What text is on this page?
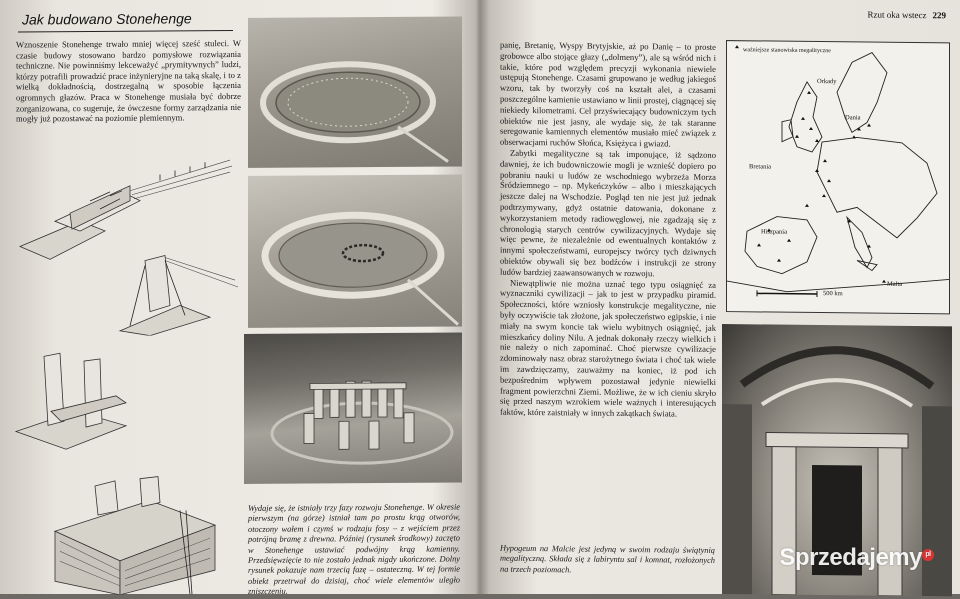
Jak budowano Stonehenge
Wznoszenie Stonehenge trwało mniej więcej sześć stuleci. W czasie budowy stosowano bardzo pomysłowe rozwiązania techniczne. Nie powinniśmy lekceważyć „prymitywnych” ludzi, którzy potrafili prowadzić prace inżynieryjne na taką skalę, i to z wielką dokładnością, dostrzegalną w sposobie łączenia ogromnych głazów. Praca w Stonehenge musiała być dobrze zorganizowana, co sugeruje, że ówczesne formy zarządzania nie mogły już pozostawać na poziomie plemiennym.
Wydaje się, że istniały trzy fazy rozwoju Stonehenge. W okresie pierwszym (na górze) istniał tam po prostu krąg otworów, otoczony wałem i czymś w rodzaju fosy – z wejściem przez potrójną bramę z drewna. Później (rysunek środkowy) zaczęto w Stonehenge ustawiać podwójny krąg kamienny. Przedsięwzięcie to nie zostało jednak nigdy ukończone. Dolny rysunek pokazuje nam trzecią fazę – ostateczną. W tej formie obiekt przetrwał do dzisiaj, choć wiele elementów uległo zniszczeniu.
Rzut oka wstecz 229

panię, Bretanię, Wyspy Brytyjskie, aż po Danię – to proste grobowce albo stojące głazy („dolmeny”), ale są wśród nich i takie, które pod względem precyzji wykonania niewiele ustępują Stonehenge. Czasami grupowano je według jakiegoś wzoru, tak by tworzyły coś na kształt alei, a czasami poszczególne kamienie ustawiano w linii prostej, ciągnącej się niekiedy kilometrami. Cel przyświecający budowniczym tych obiektów nie jest jasny, ale wydaje się, że tak staranne seregowanie kamiennych elementów musiało mieć związek z obserwacjami ruchów Słońca, Księżyca i gwiazd.

Zabytki megalityczne są tak imponujące, iż sądzono dawniej, że ich budowniczowie mogli je wznieść dopiero po pobraniu nauki u ludów ze wschodniego wybrzeża Morza Śródziemnego – np. Mykeńczyków – albo i mieszkających jeszcze dalej na Wschodzie. Pogląd ten nie jest już jednak podtrzymywany, gdyż ostatnie datowania, dokonane z wykorzystaniem metody radiowęglowej, nie zgadzają się z chronologią starych centrów cywilizacyjnych. Wydaje się więc pewne, że niezależnie od ewentualnych kontaktów z innymi społeczeństwami, europejscy twórcy tych dziwnych obiektów obywali się bez bodźców i instrukcji ze strony ludów bardziej zaawansowanych w rozwoju.

Niewątpliwie nie można uznać tego typu osiągnięć za wyznaczniki cywilizacji – jak to jest w przypadku piramid. Społeczności, które wzniosły konstrukcje megalityczne, nie były oczywiście tak złożone, jak społeczeństwo egipskie, i nie miały na swym koncie tak wielu wybitnych osiągnięć, jak mieszkańcy doliny Nilu. A jednak dokonały rzeczy wielkich i nie należy o nich zapominać. Choć pierwsze cywilizacje zdominowały nasz obraz starożytnego świata i choć tak wiele im zawdzięczamy, zauważmy na koniec, iż pod ich bezpośrednim wpływem pozostawał jedynie niewielki fragment powierzchni Ziemi. Możliwe, że w ich cieniu skryło się przed naszym wzrokiem wiele ważnych i interesujących faktów, które zaistniały w innych zakątkach świata.

ważniejsze stanowiska megalityczne
Orkady
Dania
Bretania
Hiszpania
Malta
500 km
Hypogeum na Malcie jest jedyną w swoim rodzaju świątynią megalityczną. Składa się z labiryntu sal i komnat, rozłożonych na trzech poziomach.	Sprzedajemy pl
